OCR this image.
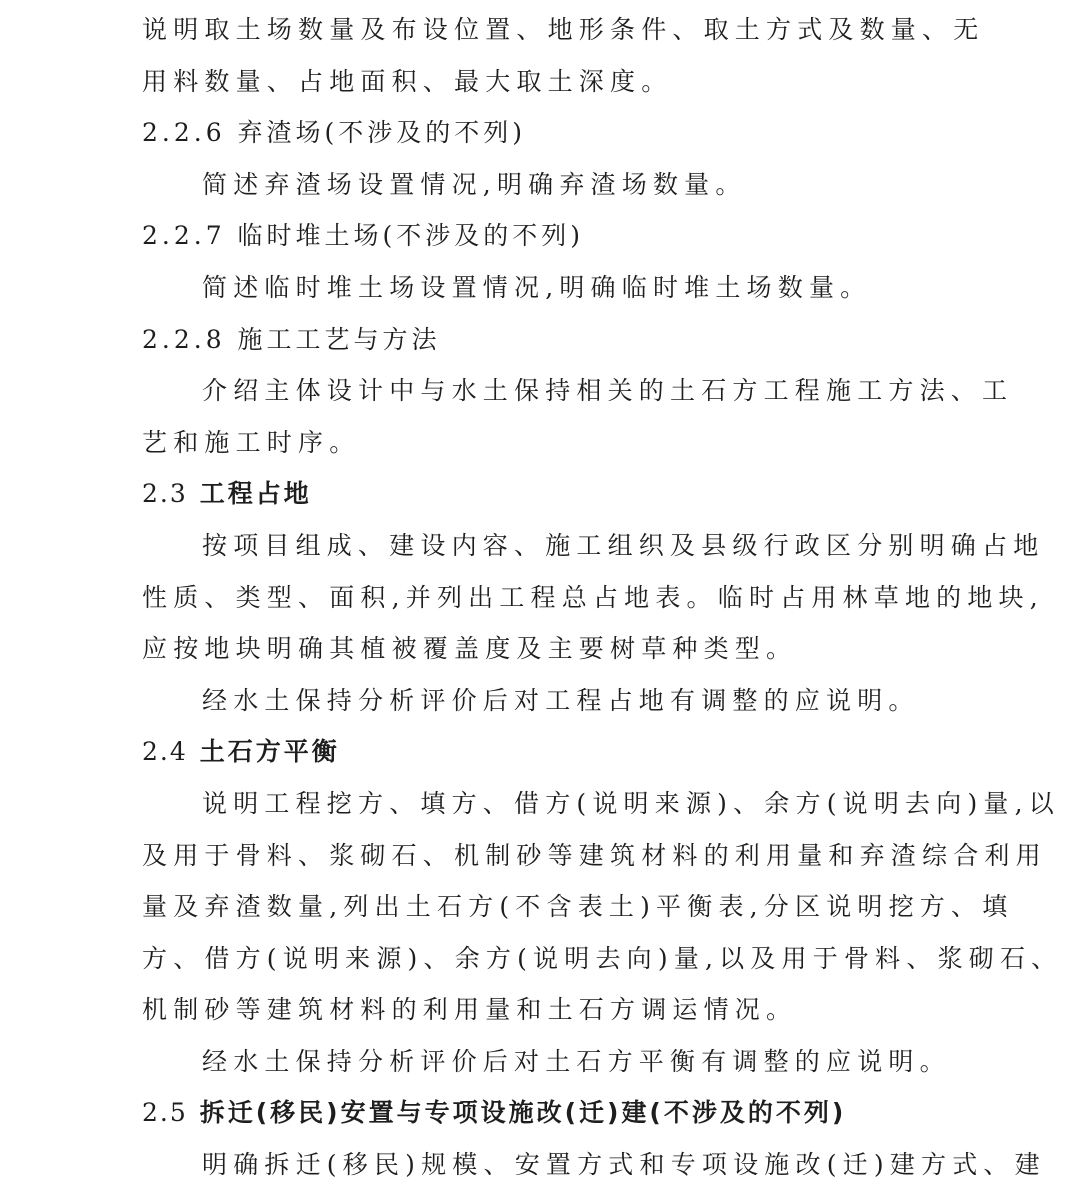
说明取土场数量及布设位置、地形条件、取土方式及数量、无
用料数量、占地面积、最大取土深度。
2.2.6 弃渣场(不涉及的不列)
简述弃渣场设置情况,明确弃渣场数量。
2.2.7 临时堆土场(不涉及的不列)
简述临时堆土场设置情况,明确临时堆土场数量。
2.2.8 施工工艺与方法
介绍主体设计中与水土保持相关的土石方工程施工方法、工
艺和施工时序。
2.3 工程占地
按项目组成、建设内容、施工组织及县级行政区分别明确占地
性质、类型、面积,并列出工程总占地表。临时占用林草地的地块,
应按地块明确其植被覆盖度及主要树草种类型。
经水土保持分析评价后对工程占地有调整的应说明。
2.4 土石方平衡
说明工程挖方、填方、借方(说明来源)、余方(说明去向)量,以
及用于骨料、浆砌石、机制砂等建筑材料的利用量和弃渣综合利用
量及弃渣数量,列出土石方(不含表土)平衡表,分区说明挖方、填
方、借方(说明来源)、余方(说明去向)量,以及用于骨料、浆砌石、
机制砂等建筑材料的利用量和土石方调运情况。
经水土保持分析评价后对土石方平衡有调整的应说明。
2.5 拆迁(移民)安置与专项设施改(迁)建(不涉及的不列)
明确拆迁(移民)规模、安置方式和专项设施改(迁)建方式、建
